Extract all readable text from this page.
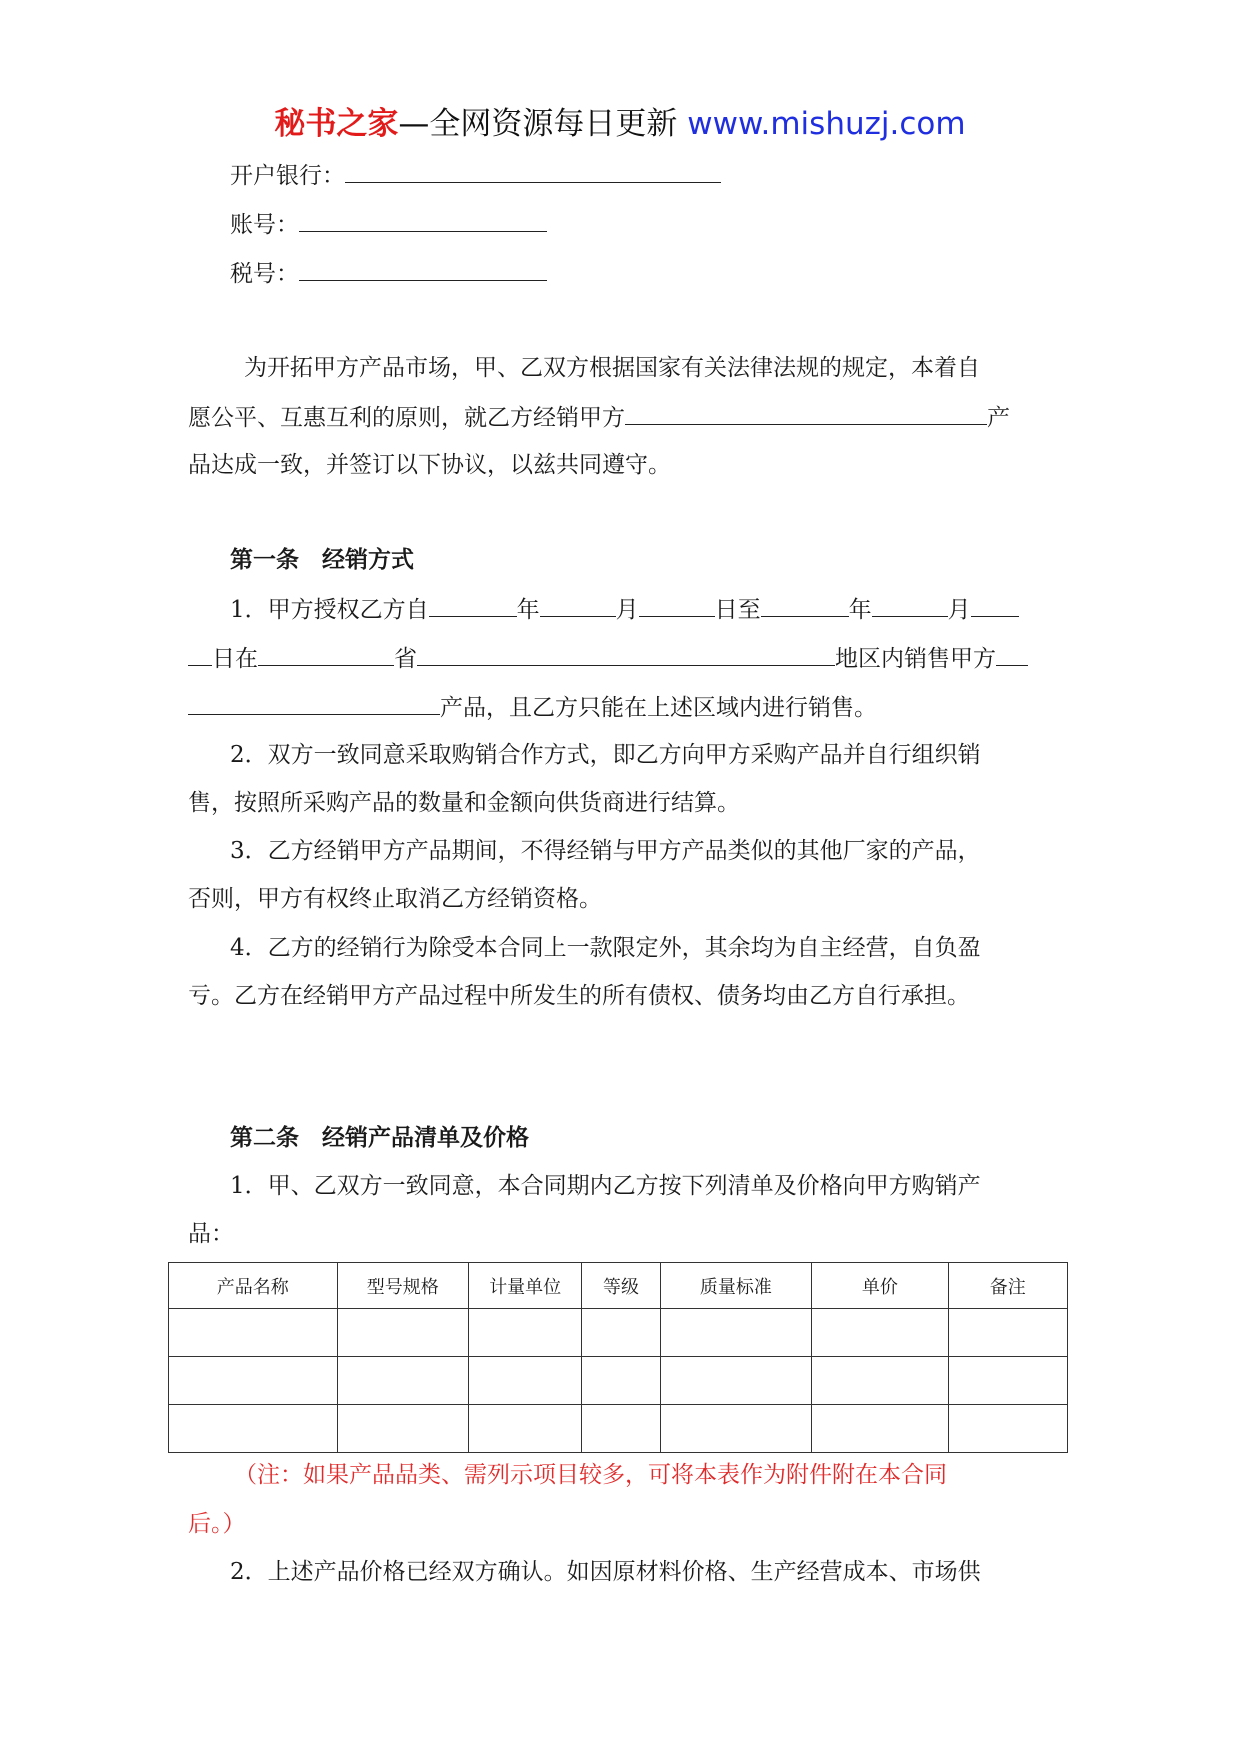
秘书之家—全网资源每日更新 www.mishuzj.com
开户银行：
账号：
税号：
为开拓甲方产品市场，甲、乙双方根据国家有关法律法规的规定，本着自
愿公平、互惠互利的原则，就乙方经销甲方	产
品达成一致，并签订以下协议，以兹共同遵守。
第一条　经销方式
1．甲方授权乙方自	年	月	日至	年	月
日在	省	地区内销售甲方
产品，且乙方只能在上述区域内进行销售。
2．双方一致同意采取购销合作方式，即乙方向甲方采购产品并自行组织销
售，按照所采购产品的数量和金额向供货商进行结算。
3．乙方经销甲方产品期间，不得经销与甲方产品类似的其他厂家的产品，
否则，甲方有权终止取消乙方经销资格。
4．乙方的经销行为除受本合同上一款限定外，其余均为自主经营，自负盈
亏。乙方在经销甲方产品过程中所发生的所有债权、债务均由乙方自行承担。
第二条　经销产品清单及价格
1．甲、乙双方一致同意，本合同期内乙方按下列清单及价格向甲方购销产
品：
产品名称	型号规格	计量单位	等级	质量标准	单价	备注

（注：如果产品品类、需列示项目较多，可将本表作为附件附在本合同
后。）
2．上述产品价格已经双方确认。如因原材料价格、生产经营成本、市场供
